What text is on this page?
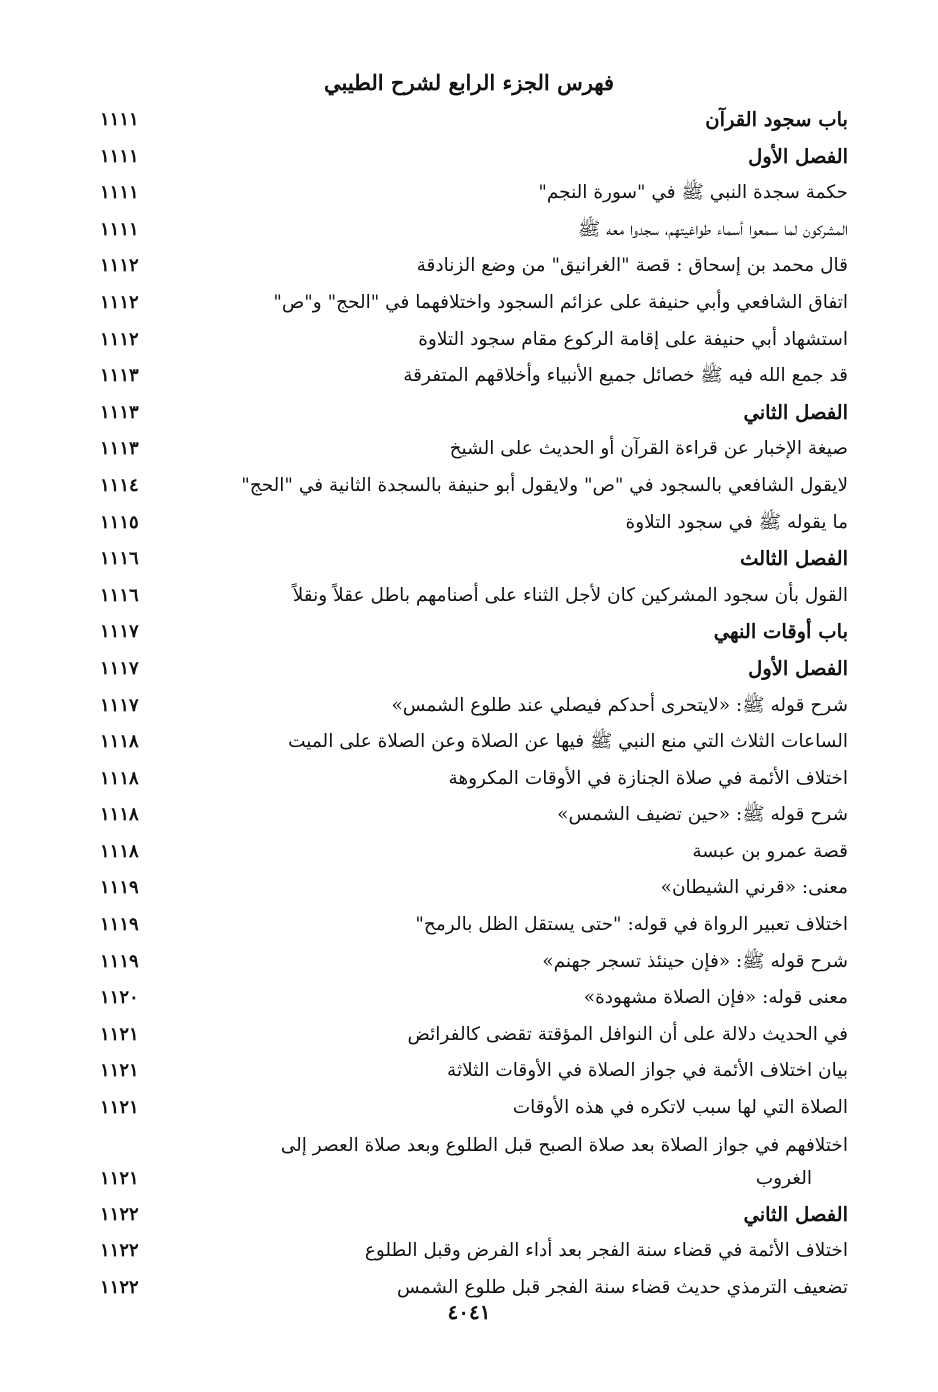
فهرس الجزء الرابع لشرح الطيبي
باب سجود القرآن
١١١١
الفصل الأول
١١١١
حكمة سجدة النبي ﷺ في "سورة النجم"
١١١١
المشركون لما سمعوا أسماء طواغيتهم، سجدوا معه ﷺ
١١١١
قال محمد بن إسحاق : قصة "الغرانيق" من وضع الزنادقة
١١١٢
اتفاق الشافعي وأبي حنيفة على عزائم السجود واختلافهما في "الحج" و"ص"
١١١٢
استشهاد أبي حنيفة على إقامة الركوع مقام سجود التلاوة
١١١٢
قد جمع الله فيه ﷺ خصائل جميع الأنبياء وأخلاقهم المتفرقة
١١١٣
الفصل الثاني
١١١٣
صيغة الإخبار عن قراءة القرآن أو الحديث على الشيخ
١١١٣
لايقول الشافعي بالسجود في "ص" ولايقول أبو حنيفة بالسجدة الثانية في "الحج"
١١١٤
ما يقوله ﷺ في سجود التلاوة
١١١٥
الفصل الثالث
١١١٦
القول بأن سجود المشركين كان لأجل الثناء على أصنامهم باطل عقلاً ونقلاً
١١١٦
باب أوقات النهي
١١١٧
الفصل الأول
١١١٧
شرح قوله ﷺ: «لايتحرى أحدكم فيصلي عند طلوع الشمس»
١١١٧
الساعات الثلاث التي منع النبي ﷺ فيها عن الصلاة وعن الصلاة على الميت
١١١٨
اختلاف الأئمة في صلاة الجنازة في الأوقات المكروهة
١١١٨
شرح قوله ﷺ: «حين تضيف الشمس»
١١١٨
قصة عمرو بن عبسة
١١١٨
معنى: «قرني الشيطان»
١١١٩
اختلاف تعبير الرواة في قوله: "حتى يستقل الظل بالرمح"
١١١٩
شرح قوله ﷺ: «فإن حينئذ تسجر جهنم»
١١١٩
معنى قوله: «فإن الصلاة مشهودة»
١١٢٠
في الحديث دلالة على أن النوافل المؤقتة تقضى كالفرائض
١١٢١
بيان اختلاف الأئمة في جواز الصلاة في الأوقات الثلاثة
١١٢١
الصلاة التي لها سبب لاتكره في هذه الأوقات
١١٢١
اختلافهم في جواز الصلاة بعد صلاة الصبح قبل الطلوع وبعد صلاة العصر إلى
الغروب
١١٢١
الفصل الثاني
١١٢٢
اختلاف الأئمة في قضاء سنة الفجر بعد أداء الفرض وقبل الطلوع
١١٢٢
تضعيف الترمذي حديث قضاء سنة الفجر قبل طلوع الشمس
١١٢٢
٤٠٤١
